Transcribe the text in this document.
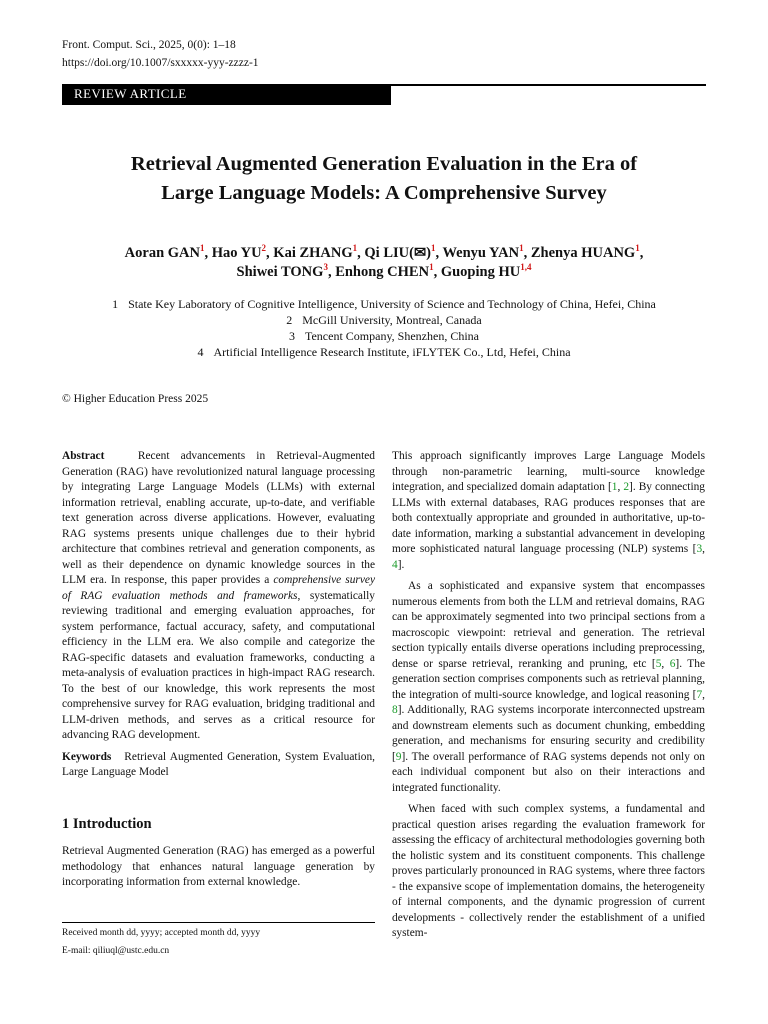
Front. Comput. Sci., 2025, 0(0): 1–18
https://doi.org/10.1007/sxxxxx-yyy-zzzz-1
REVIEW ARTICLE
Retrieval Augmented Generation Evaluation in the Era of
Large Language Models: A Comprehensive Survey
Aoran GAN$^1$, Hao $YU^2$, Kai ZHANG$^1$, Qi LIU(✉)$^1$, Wenyu YAN$^1$, Zhenya HUANG$^1$,
Shiwei TONG$^3$, Enhong CHEN$^1$, Guoping HU$^{1,4}$
1 State Key Laboratory of Cognitive Intelligence, University of Science and Technology of China, Hefei, China
2 McGill University, Montreal, Canada
3 Tencent Company, Shenzhen, China
4 Artificial Intelligence Research Institute, iFLYTEK Co., Ltd, Hefei, China
© Higher Education Press 2025

Abstract	Recent advancements in Retrieval-Augmented Generation (RAG) have revolutionized natural language processing by integrating Large Language Models (LLMs) with external information retrieval, enabling accurate, up-to-date, and verifiable text generation across diverse applications. However, evaluating RAG systems presents unique challenges due to their hybrid architecture that combines retrieval and generation components, as well as their dependence on dynamic knowledge sources in the LLM era. In response, this paper provides a comprehensive survey of RAG evaluation methods and frameworks, systematically reviewing traditional and emerging evaluation approaches, for system performance, factual accuracy, safety, and computational efficiency in the LLM era. We also compile and categorize the RAG-specific datasets and evaluation frameworks, conducting a meta-analysis of evaluation practices in high-impact RAG research. To the best of our knowledge, this work represents the most comprehensive survey for RAG evaluation, bridging traditional and LLM-driven methods, and serves as a critical resource for advancing RAG development.

Keywords Retrieval Augmented Generation, System Evaluation, Large Language Model

1 Introduction

Retrieval Augmented Generation (RAG) has emerged as a powerful methodology that enhances natural language generation by incorporating information from external knowledge.

Received month dd, yyyy; accepted month dd, yyyy
E-mail: qiliuql@ustc.edu.cn

This approach significantly improves Large Language Models through non-parametric learning, multi-source knowledge integration, and specialized domain adaptation [1, 2]. By connecting LLMs with external databases, RAG produces responses that are both contextually appropriate and grounded in authoritative, up-to-date information, marking a substantial advancement in developing more sophisticated natural language processing (NLP) systems [3, 4].

As a sophisticated and expansive system that encompasses numerous elements from both the LLM and retrieval domains, RAG can be approximately segmented into two principal sections from a macroscopic viewpoint: retrieval and generation. The retrieval section typically entails diverse operations including preprocessing, dense or sparse retrieval, reranking and pruning, etc [5, 6]. The generation section comprises components such as retrieval planning, the integration of multi-source knowledge, and logical reasoning [7, 8]. Additionally, RAG systems incorporate interconnected upstream and downstream elements such as document chunking, embedding generation, and mechanisms for ensuring security and credibility [9]. The overall performance of RAG systems depends not only on each individual component but also on their interactions and integrated functionality.

When faced with such complex systems, a fundamental and practical question arises regarding the evaluation framework for assessing the efficacy of architectural methodologies governing both the holistic system and its constituent components. This challenge proves particularly pronounced in RAG systems, where three factors - the expansive scope of implementation domains, the heterogeneity of internal components, and the dynamic progression of current developments - collectively render the establishment of a unified system-
